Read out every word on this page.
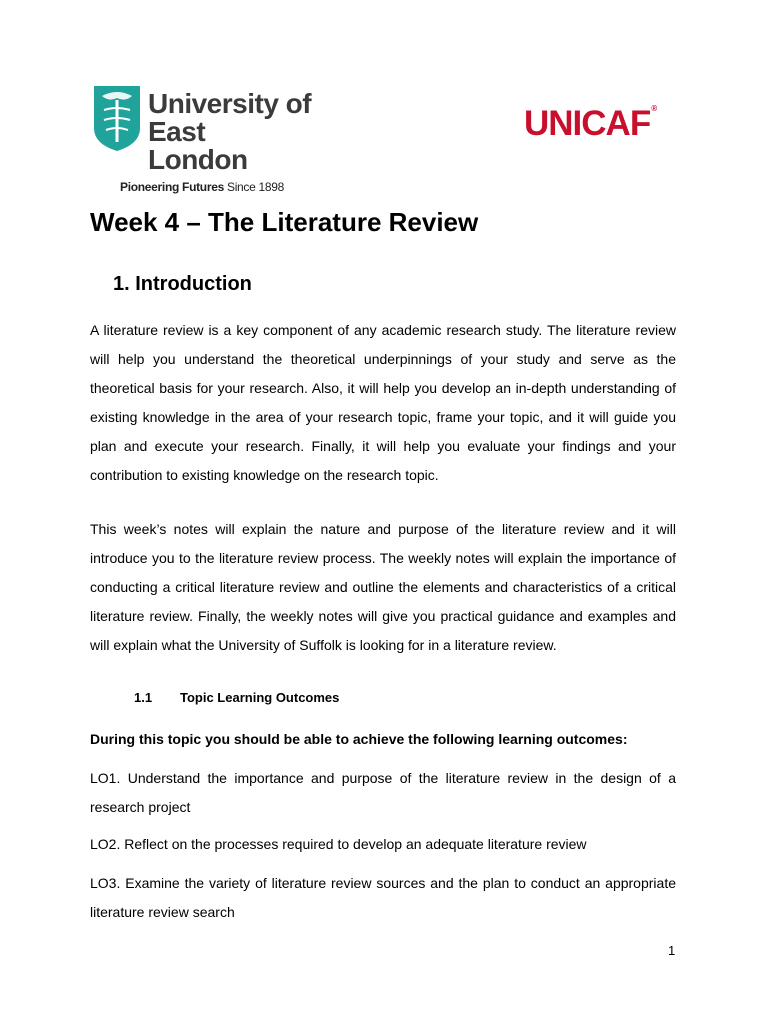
University of
East London
Pioneering Futures Since 1898
UNICAF®
Week 4 – The Literature Review
1. Introduction
A literature review is a key component of any academic research study. The literature review will help you understand the theoretical underpinnings of your study and serve as the theoretical basis for your research. Also, it will help you develop an in-depth understanding of existing knowledge in the area of your research topic, frame your topic, and it will guide you plan and execute your research. Finally, it will help you evaluate your findings and your contribution to existing knowledge on the research topic.
This week’s notes will explain the nature and purpose of the literature review and it will introduce you to the literature review process. The weekly notes will explain the importance of conducting a critical literature review and outline the elements and characteristics of a critical literature review. Finally, the weekly notes will give you practical guidance and examples and will explain what the University of Suffolk is looking for in a literature review.
1.1 Topic Learning Outcomes
During this topic you should be able to achieve the following learning outcomes:
LO1. Understand the importance and purpose of the literature review in the design of a research project
LO2. Reflect on the processes required to develop an adequate literature review
LO3. Examine the variety of literature review sources and the plan to conduct an appropriate literature review search
1
